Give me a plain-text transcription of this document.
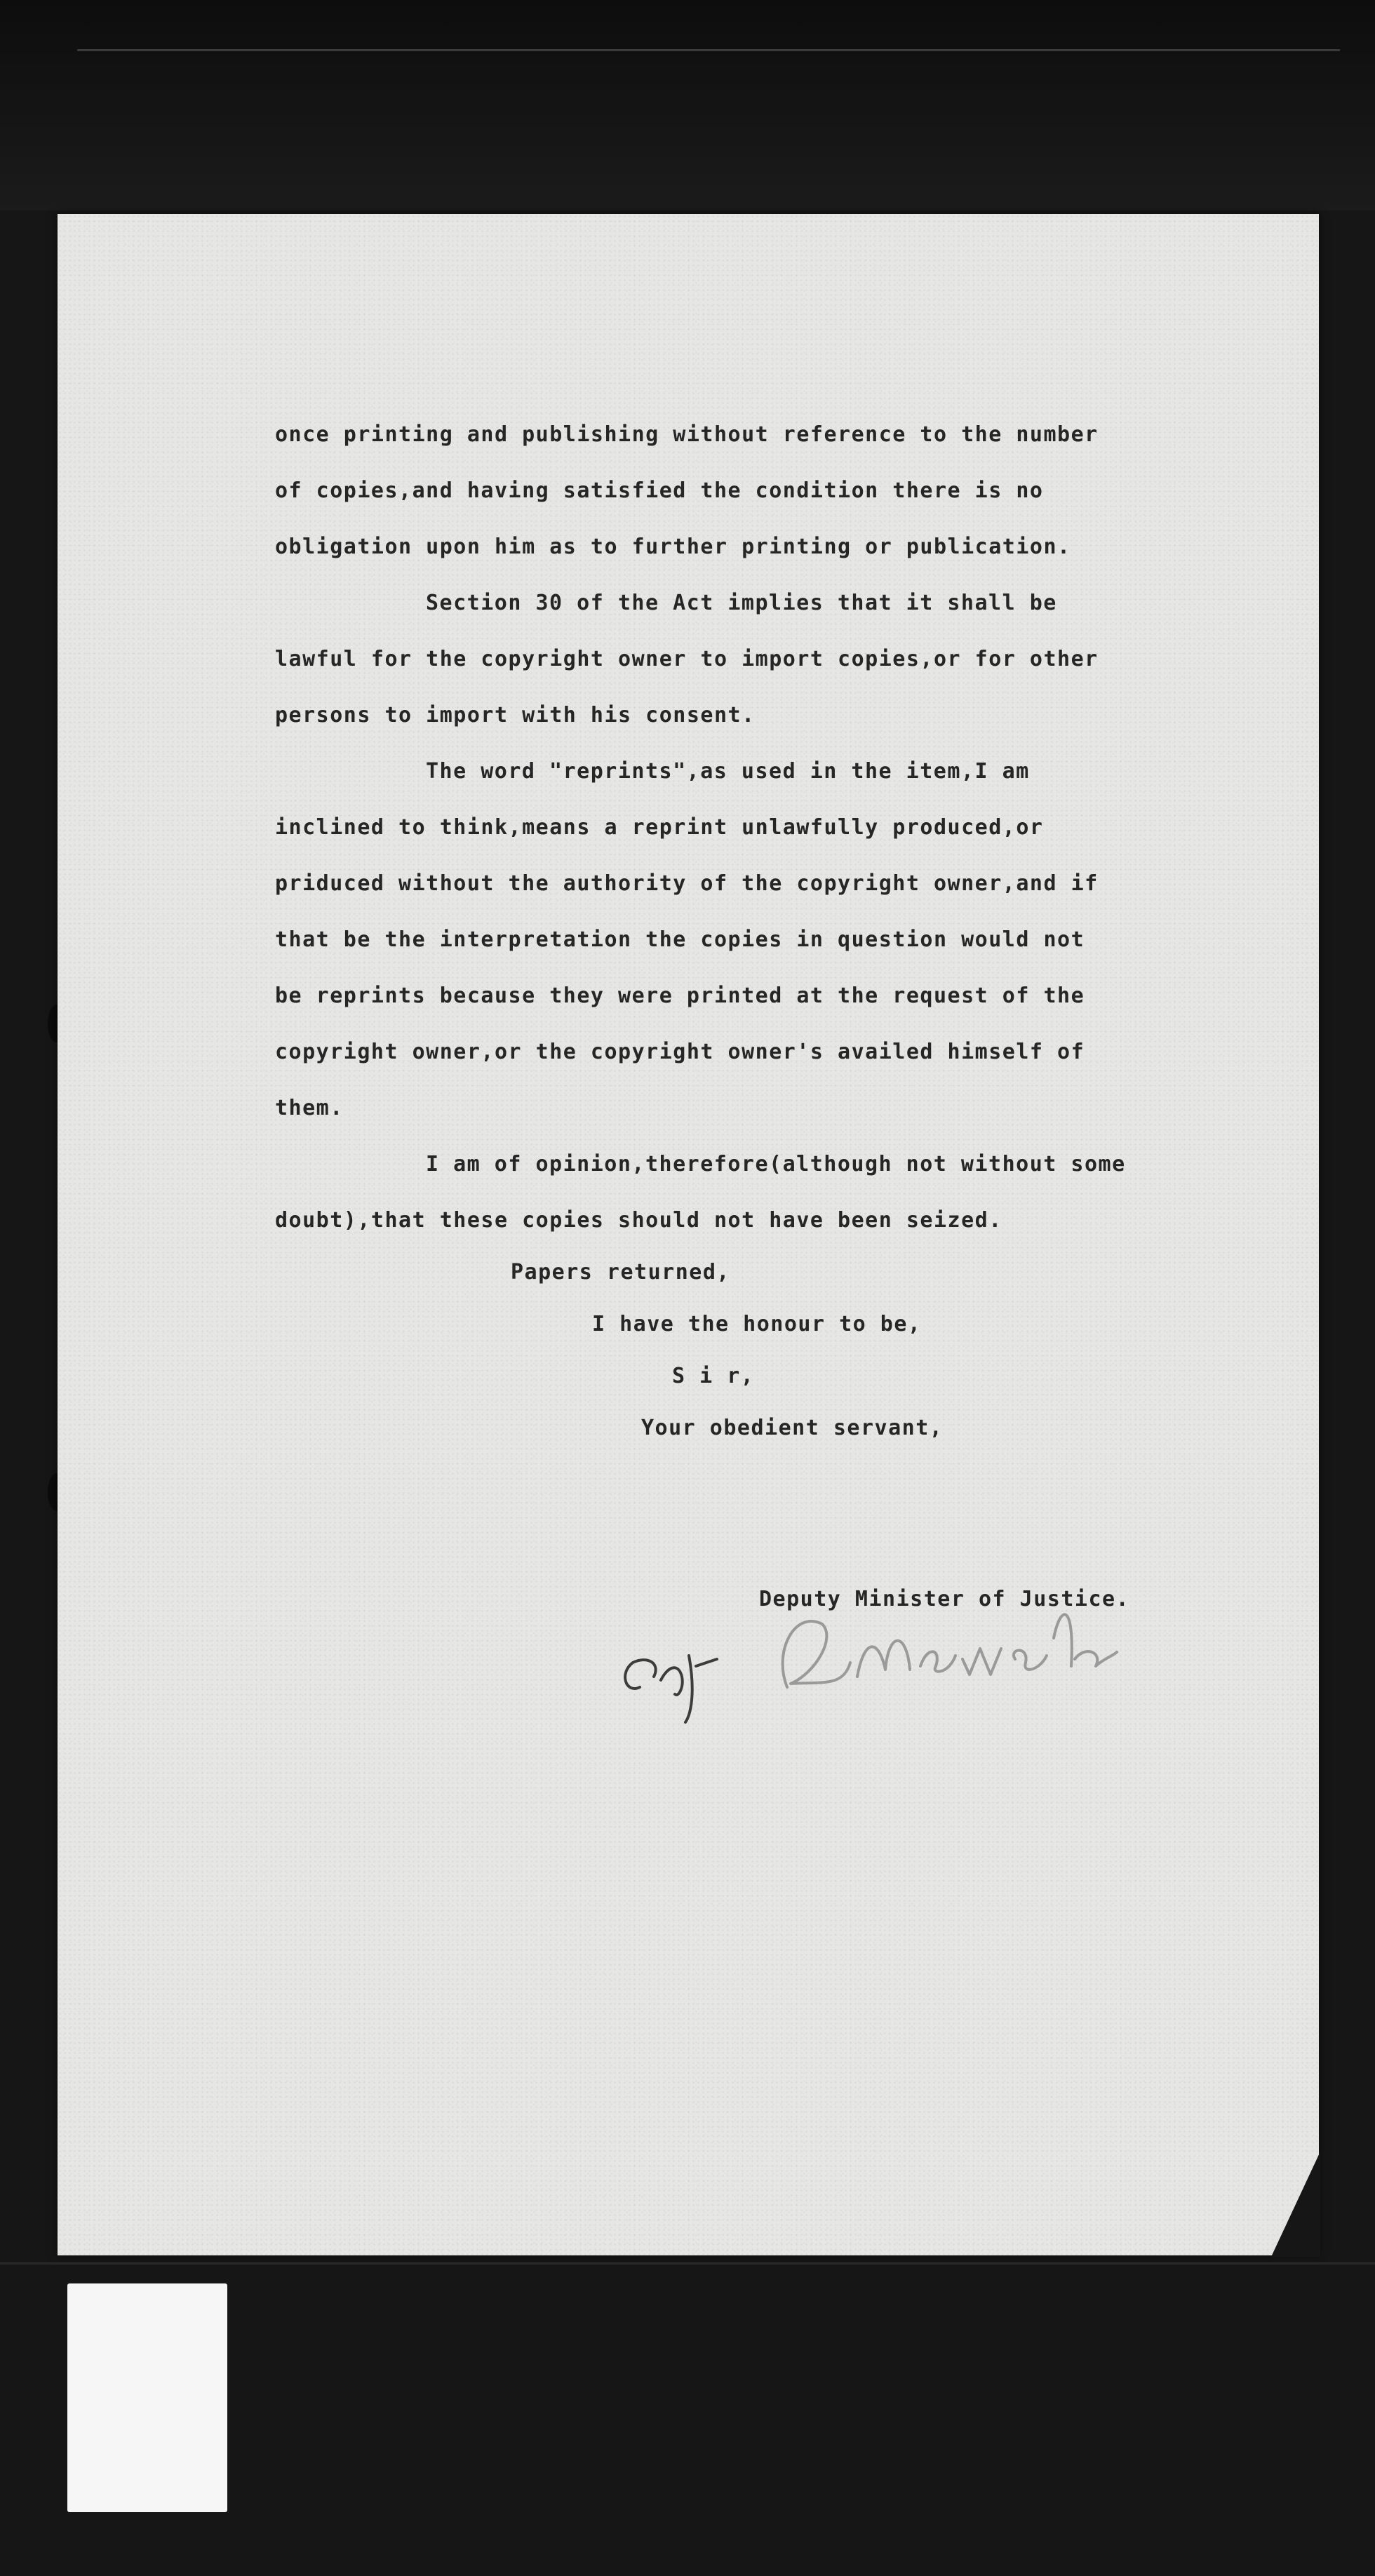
once printing and publishing without reference to the number
of copies,and having satisfied the condition there is no
obligation upon him as to further printing or publication.
Section 30 of the Act implies that it shall be
lawful for the copyright owner to import copies,or for other
persons to import with his consent.
The word "reprints",as used in the item,I am
inclined to think,means a reprint unlawfully produced,or
priduced without the authority of the copyright owner,and if
that be the interpretation the copies in question would not
be reprints because they were printed at the request of the
copyright owner,or the copyright owner's availed himself of
them.
I am of opinion,therefore(although not without some
doubt),that these copies should not have been seized.
Papers returned,
I have the honour to be,
S i r,
Your obedient servant,
Deputy Minister of Justice.
